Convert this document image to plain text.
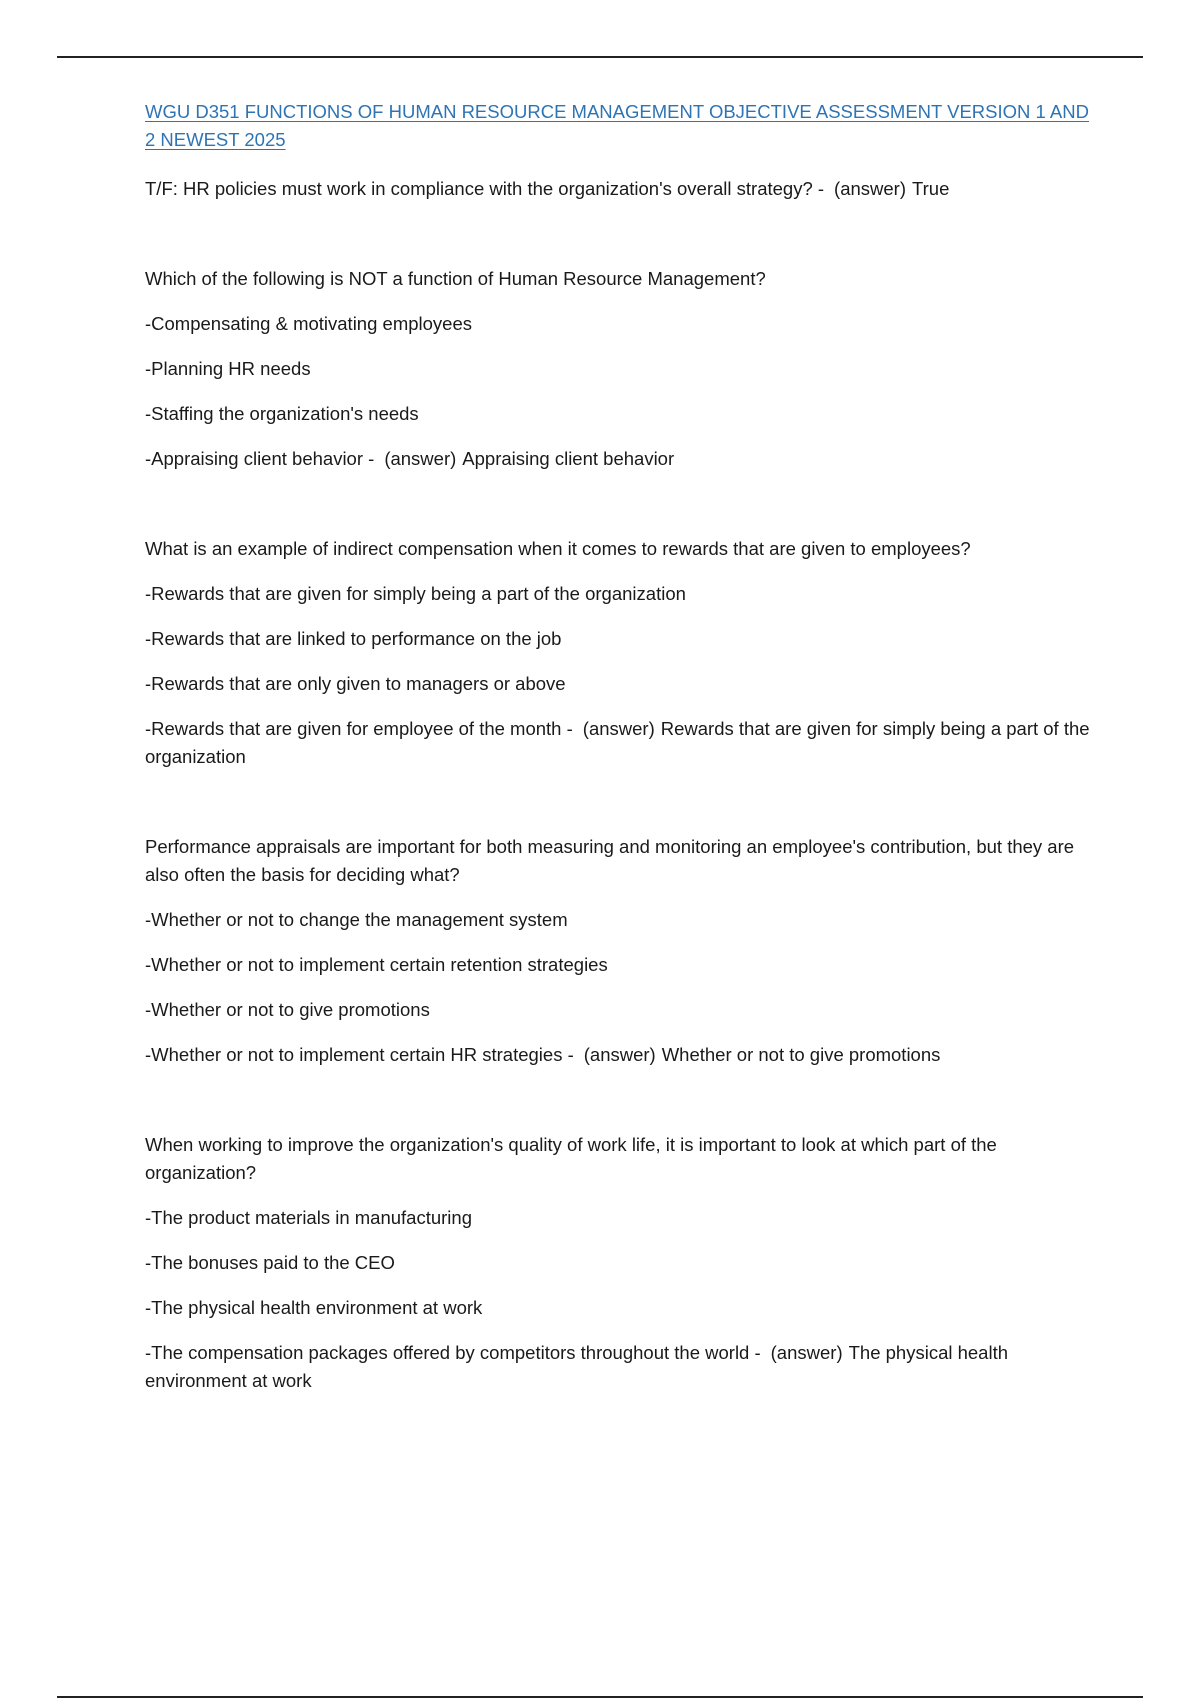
WGU D351 FUNCTIONS OF HUMAN RESOURCE MANAGEMENT OBJECTIVE ASSESSMENT VERSION 1 AND 2 NEWEST 2025
T/F: HR policies must work in compliance with the organization's overall strategy? - (answer) True
Which of the following is NOT a function of Human Resource Management?
-Compensating & motivating employees
-Planning HR needs
-Staffing the organization's needs
-Appraising client behavior - (answer) Appraising client behavior
What is an example of indirect compensation when it comes to rewards that are given to employees?
-Rewards that are given for simply being a part of the organization
-Rewards that are linked to performance on the job
-Rewards that are only given to managers or above
-Rewards that are given for employee of the month - (answer) Rewards that are given for simply being a part of the organization
Performance appraisals are important for both measuring and monitoring an employee's contribution, but they are also often the basis for deciding what?
-Whether or not to change the management system
-Whether or not to implement certain retention strategies
-Whether or not to give promotions
-Whether or not to implement certain HR strategies - (answer) Whether or not to give promotions
When working to improve the organization's quality of work life, it is important to look at which part of the organization?
-The product materials in manufacturing
-The bonuses paid to the CEO
-The physical health environment at work
-The compensation packages offered by competitors throughout the world - (answer) The physical health environment at work
